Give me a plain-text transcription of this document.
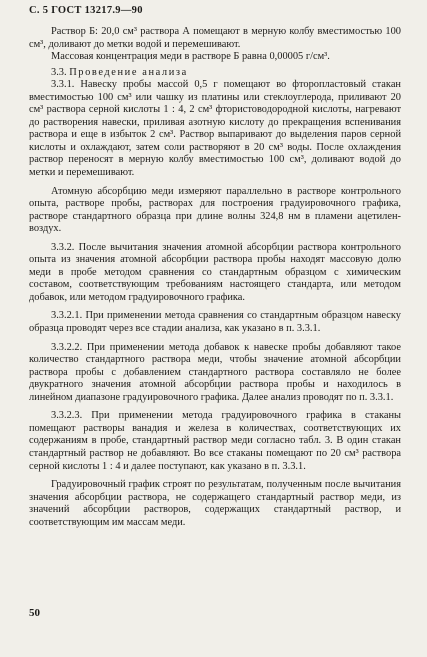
С. 5 ГОСТ 13217.9—90

Раствор Б: 20,0 см³ раствора А помещают в мерную колбу вместимостью 100 см³, доливают до метки водой и перемешивают.

Массовая концентрация меди в растворе Б равна 0,00005 г/см³.

3.3. Проведение анализа

3.3.1. Навеску пробы массой 0,5 г помещают во фторопластовый стакан вместимостью 100 см³ или чашку из платины или стеклоуглерода, приливают 20 см³ раствора серной кислоты 1 : 4, 2 см³ фтористоводородной кислоты, нагревают до растворения навески, приливая азотную кислоту до прекращения вспенивания раствора и еще в избыток 2 см³. Раствор выпаривают до выделения паров серной кислоты и охлаждают, затем соли растворяют в 20 см³ воды. После охлаждения раствор переносят в мерную колбу вместимостью 100 см³, доливают водой до метки и перемешивают.

Атомную абсорбцию меди измеряют параллельно в растворе контрольного опыта, растворе пробы, растворах для построения градуировочного графика, растворе стандартного образца при длине волны 324,8 нм в пламени ацетилен-воздух.

3.3.2. После вычитания значения атомной абсорбции раствора контрольного опыта из значения атомной абсорбции раствора пробы находят массовую долю меди в пробе методом сравнения со стандартным образцом с химическим составом, соответствующим требованиям настоящего стандарта, или методом добавок, или методом градуировочного графика.

3.3.2.1. При применении метода сравнения со стандартным образцом навеску образца проводят через все стадии анализа, как указано в п. 3.3.1.

3.3.2.2. При применении метода добавок к навеске пробы добавляют такое количество стандартного раствора меди, чтобы значение атомной абсорбции раствора пробы с добавлением стандартного раствора составляло не более двукратного значения атомной абсорбции раствора пробы и находилось в линейном диапазоне градуировочного графика. Далее анализ проводят по п. 3.3.1.

3.3.2.3. При применении метода градуировочного графика в стаканы помещают растворы ванадия и железа в количествах, соответствующих их содержаниям в пробе, стандартный раствор меди согласно табл. 3. В один стакан стандартный раствор не добавляют. Во все стаканы помещают по 20 см³ раствора серной кислоты 1 : 4 и далее поступают, как указано в п. 3.3.1.

Градуировочный график строят по результатам, полученным после вычитания значения абсорбции раствора, не содержащего стандартный раствор меди, из значений абсорбции растворов, содержащих стандартный раствор, и соответствующим им массам меди.

50
